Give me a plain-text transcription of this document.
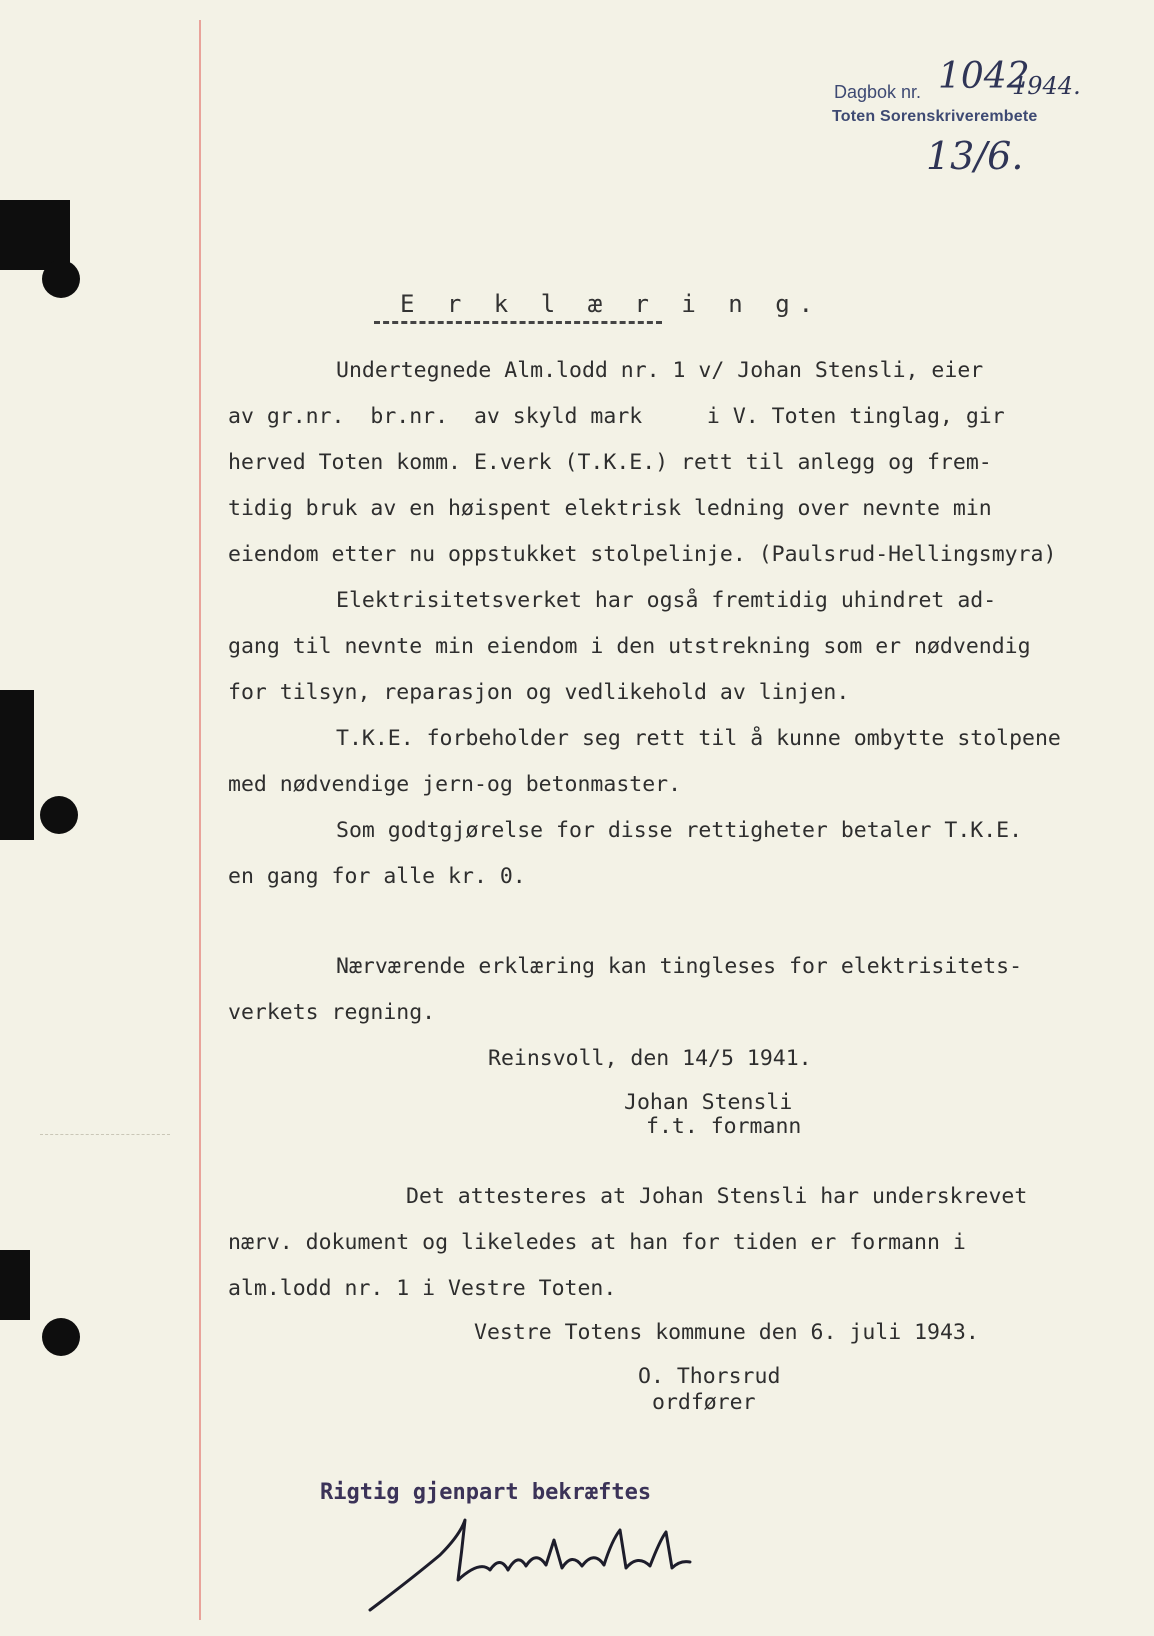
Dagbok nr. 1042
1944.
Toten Sorenskriverembete
13/6.
E r k l æ r i n g.
Undertegnede Alm.lodd nr. 1 v/ Johan Stensli, eier
av gr.nr.  br.nr.  av skyld mark     i V. Toten tinglag, gir
herved Toten komm. E.verk (T.K.E.) rett til anlegg og frem-
tidig bruk av en høispent elektrisk ledning over nevnte min
eiendom etter nu oppstukket stolpelinje. (Paulsrud-Hellingsmyra)
Elektrisitetsverket har også fremtidig uhindret ad-
gang til nevnte min eiendom i den utstrekning som er nødvendig
for tilsyn, reparasjon og vedlikehold av linjen.
T.K.E. forbeholder seg rett til å kunne ombytte stolpene
med nødvendige jern-og betonmaster.
Som godtgjørelse for disse rettigheter betaler T.K.E.
en gang for alle kr. 0.
Nærværende erklæring kan tingleses for elektrisitets-
verkets regning.
Reinsvoll, den 14/5 1941.
Johan Stensli
f.t. formann
Det attesteres at Johan Stensli har underskrevet
nærv. dokument og likeledes at han for tiden er formann i
alm.lodd nr. 1 i Vestre Toten.
Vestre Totens kommune den 6. juli 1943.
O. Thorsrud
ordfører
Rigtig gjenpart bekræftes
